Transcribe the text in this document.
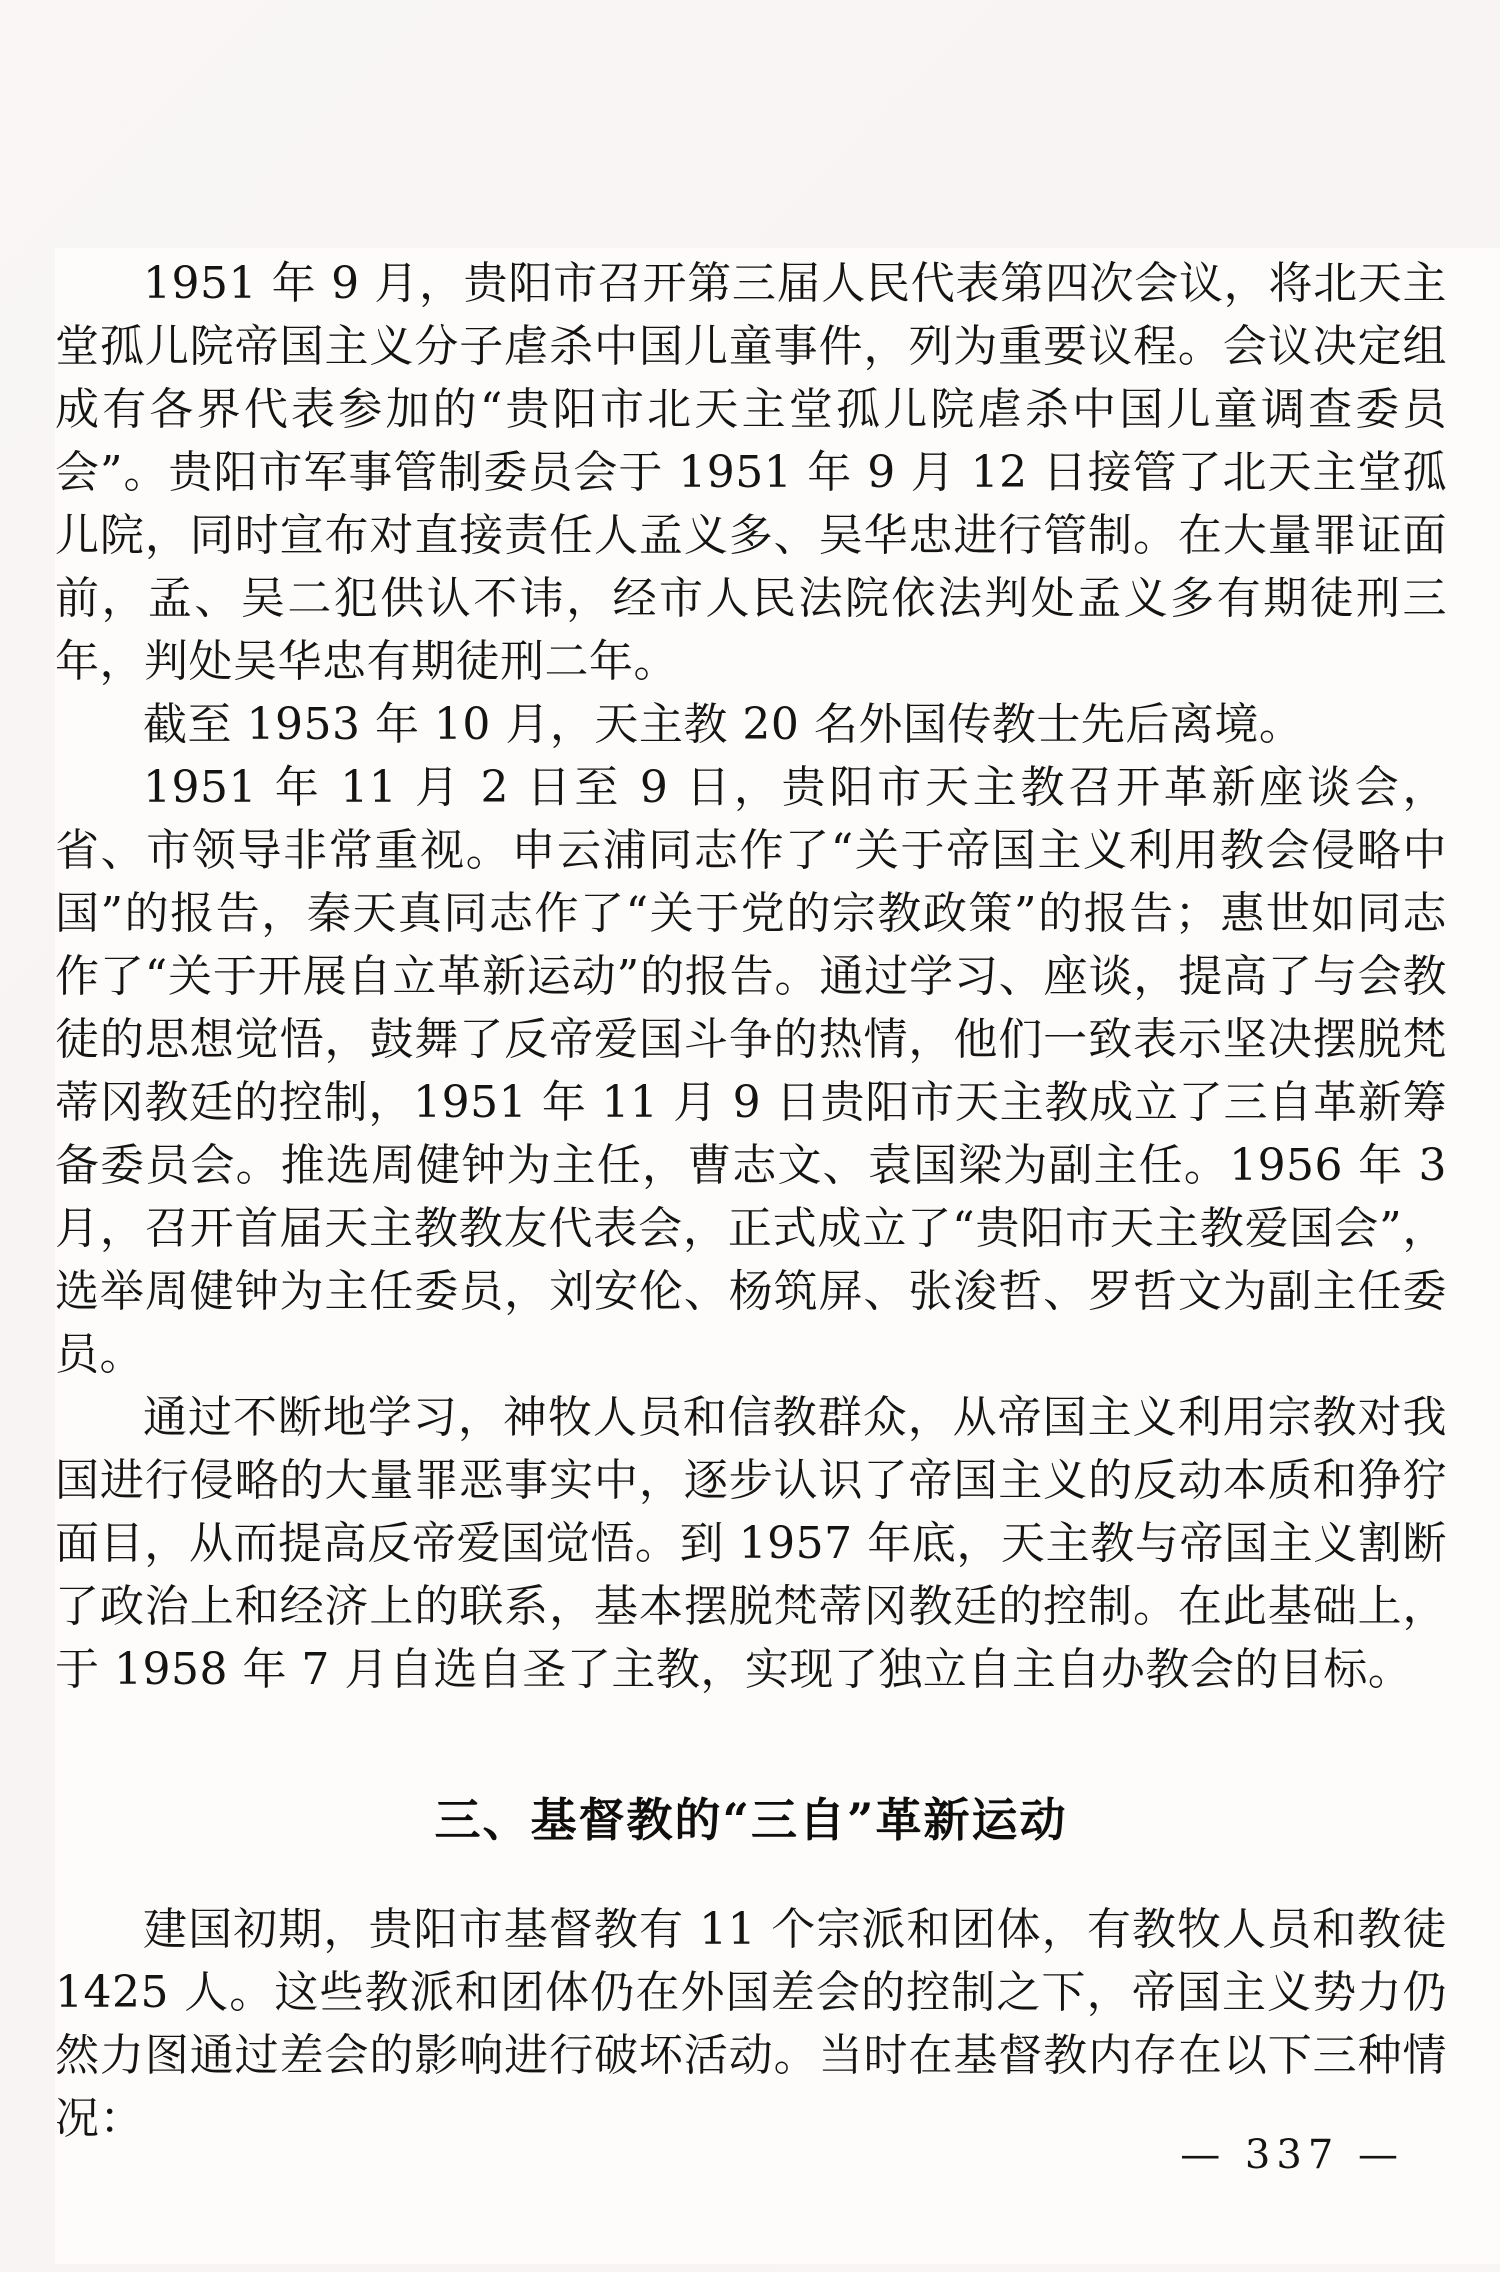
1951 年 9 月，贵阳市召开第三届人民代表第四次会议，将北天主堂孤儿院帝国主义分子虐杀中国儿童事件，列为重要议程。会议决定组成有各界代表参加的“贵阳市北天主堂孤儿院虐杀中国儿童调查委员会”。贵阳市军事管制委员会于 1951 年 9 月 12 日接管了北天主堂孤儿院，同时宣布对直接责任人孟义多、吴华忠进行管制。在大量罪证面前，孟、吴二犯供认不讳，经市人民法院依法判处孟义多有期徒刑三年，判处吴华忠有期徒刑二年。

截至 1953 年 10 月，天主教 20 名外国传教士先后离境。

1951 年 11 月 2 日至 9 日，贵阳市天主教召开革新座谈会，省、市领导非常重视。申云浦同志作了“关于帝国主义利用教会侵略中国”的报告，秦天真同志作了“关于党的宗教政策”的报告；惠世如同志作了“关于开展自立革新运动”的报告。通过学习、座谈，提高了与会教徒的思想觉悟，鼓舞了反帝爱国斗争的热情，他们一致表示坚决摆脱梵蒂冈教廷的控制，1951 年 11 月 9 日贵阳市天主教成立了三自革新筹备委员会。推选周健钟为主任，曹志文、袁国梁为副主任。1956 年 3 月，召开首届天主教教友代表会，正式成立了“贵阳市天主教爱国会”，选举周健钟为主任委员，刘安伦、杨筑屏、张浚哲、罗哲文为副主任委员。

通过不断地学习，神牧人员和信教群众，从帝国主义利用宗教对我国进行侵略的大量罪恶事实中，逐步认识了帝国主义的反动本质和狰狞面目，从而提高反帝爱国觉悟。到 1957 年底，天主教与帝国主义割断了政治上和经济上的联系，基本摆脱梵蒂冈教廷的控制。在此基础上，于 1958 年 7 月自选自圣了主教，实现了独立自主自办教会的目标。

三、基督教的“三自”革新运动

建国初期，贵阳市基督教有 11 个宗派和团体，有教牧人员和教徒 1425 人。这些教派和团体仍在外国差会的控制之下，帝国主义势力仍然力图通过差会的影响进行破坏活动。当时在基督教内存在以下三种情况：

— 337 —
